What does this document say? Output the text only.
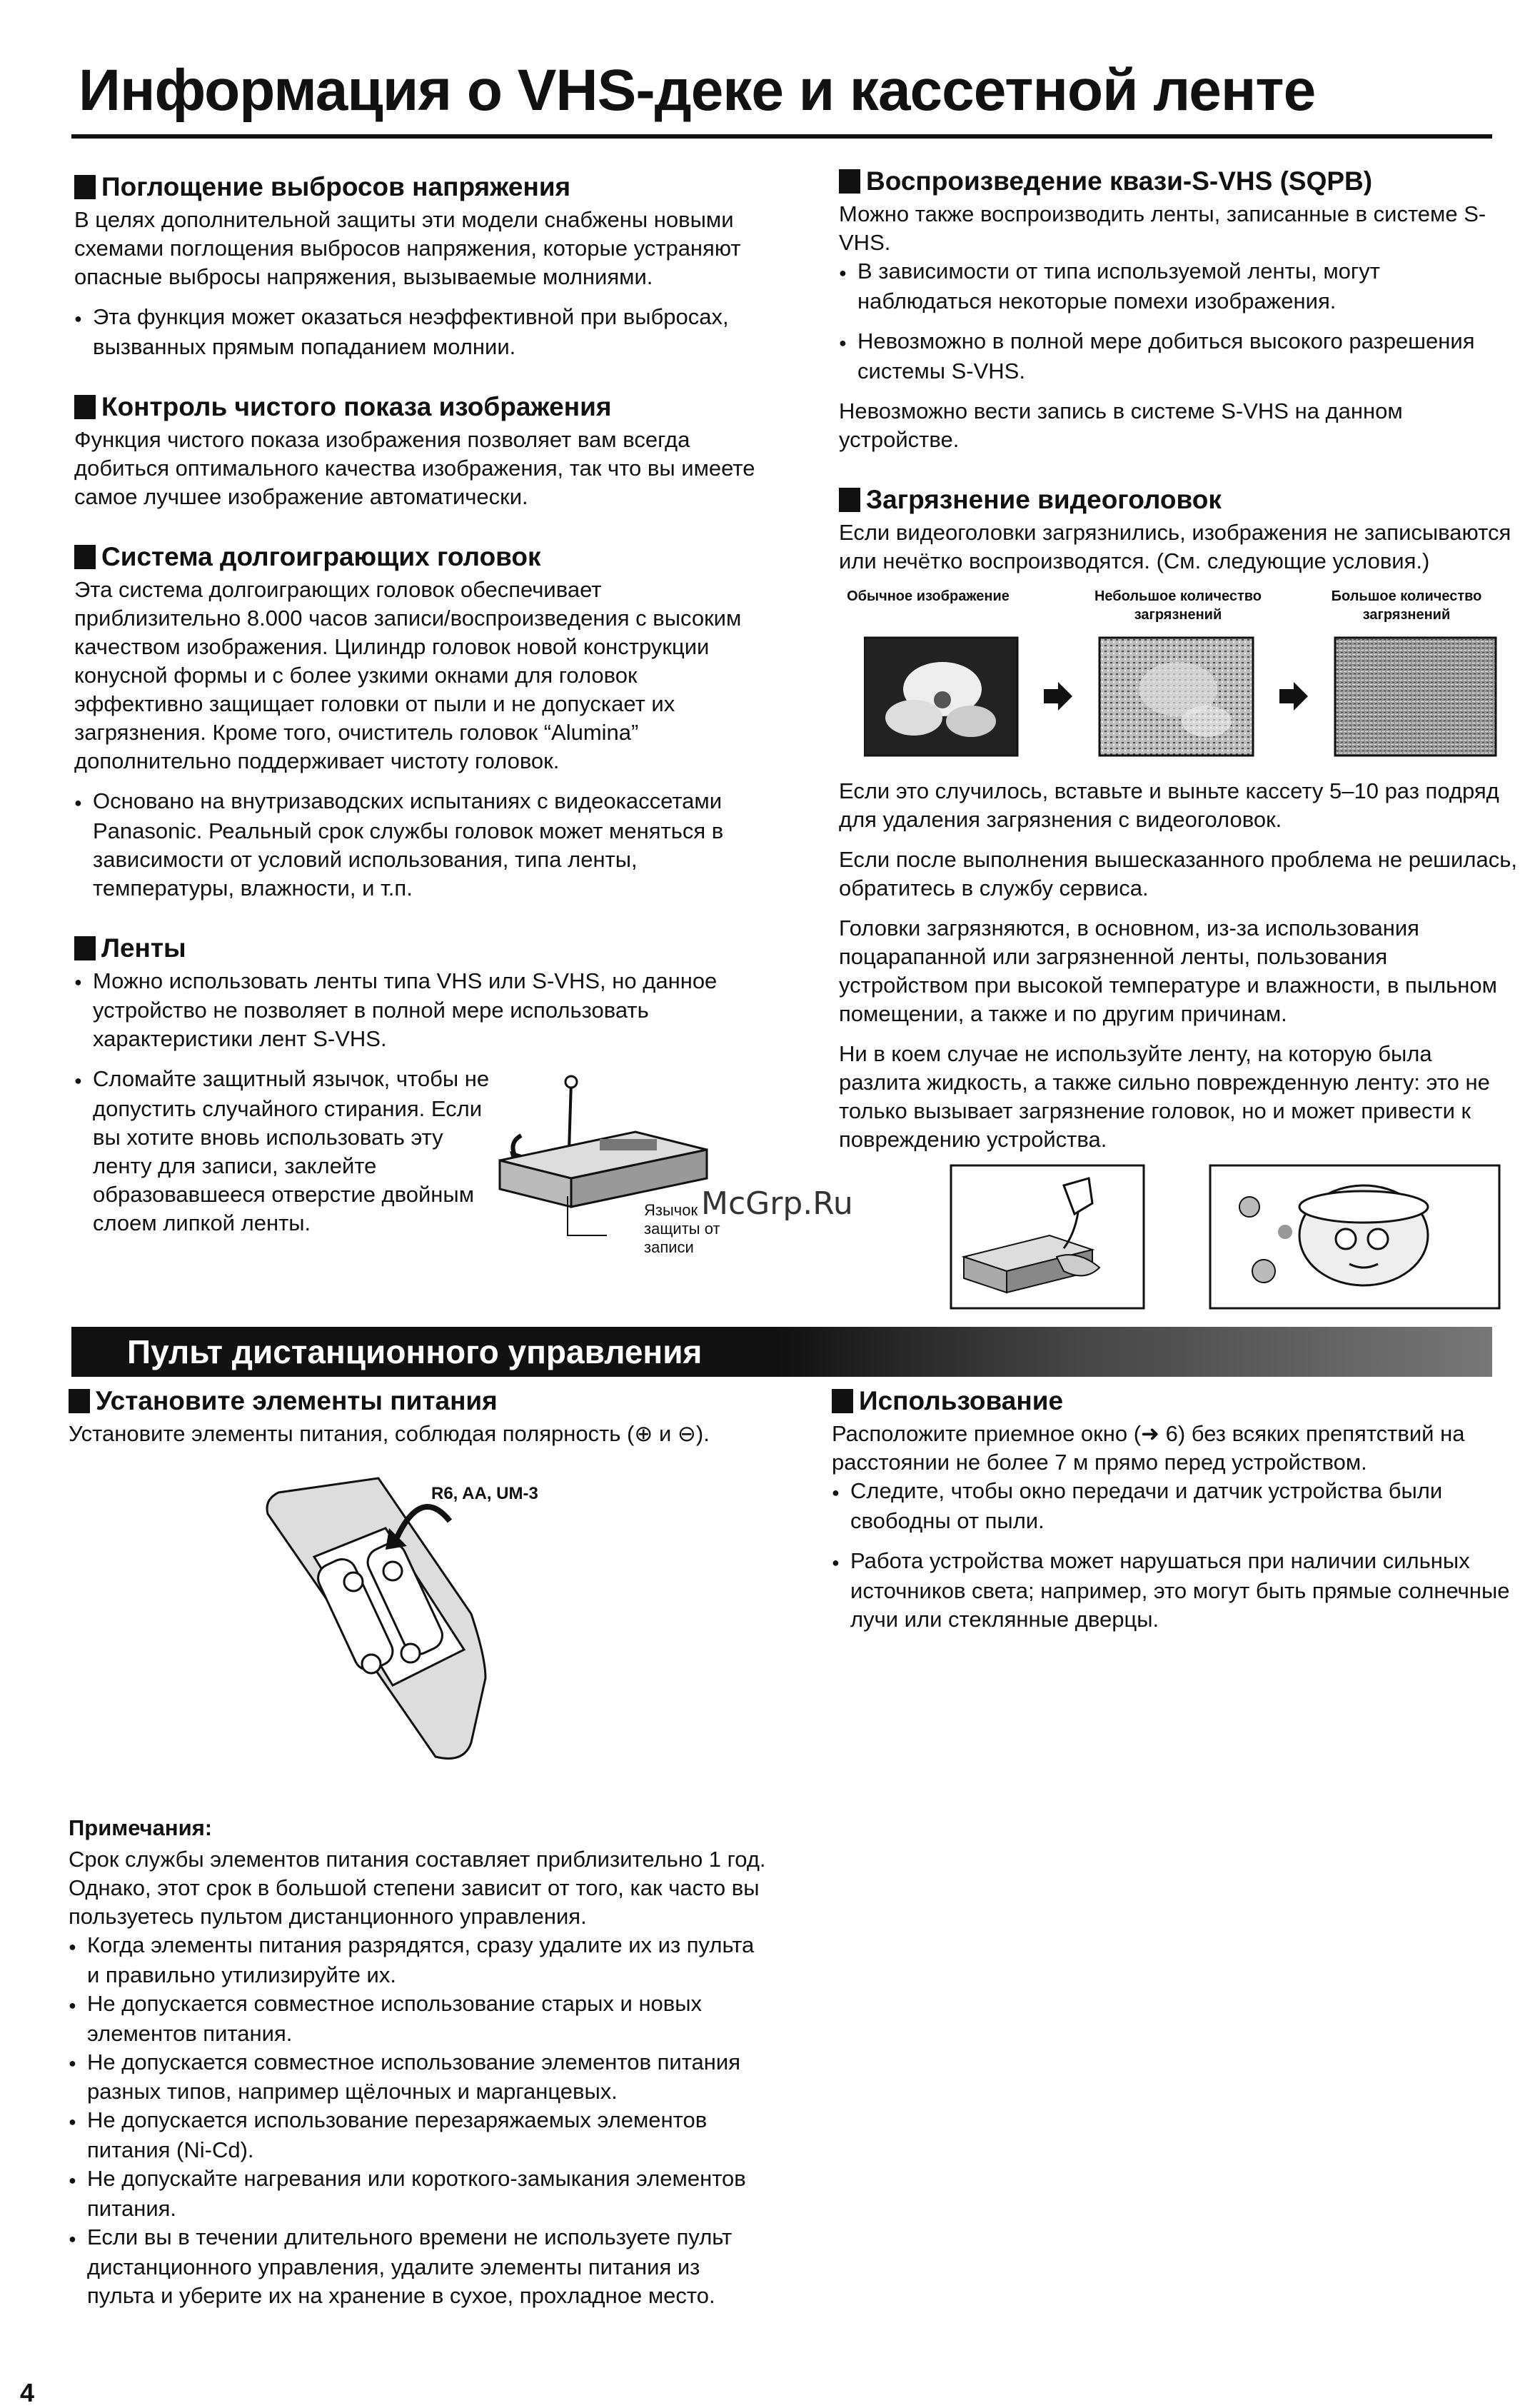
Информация о VHS-деке и кассетной ленте
Поглощение выбросов напряжения

В целях дополнительной защиты эти модели снабжены новыми схемами поглощения выбросов напряжения, которые устраняют опасные выбросы напряжения, вызываемые молниями.

● Эта функция может оказаться неэффективной при выбросах, вызванных прямым попаданием молнии.

Контроль чистого показа изображения

Функция чистого показа изображения позволяет вам всегда добиться оптимального качества изображения, так что вы имеете самое лучшее изображение автоматически.

Система долгоиграющих головок

Эта система долгоиграющих головок обеспечивает приблизительно 8.000 часов записи/воспроизведения с высоким качеством изображения. Цилиндр головок новой конструкции конусной формы и с более узкими окнами для головок эффективно защищает головки от пыли и не допускает их загрязнения. Кроме того, очиститель головок “Alumina” дополнительно поддерживает чистоту головок.

● Основано на внутризаводских испытаниях с видеокассетами Panasonic. Реальный срок службы головок может меняться в зависимости от условий использования, типа ленты, температуры, влажности, и т.п.

Ленты

● Можно использовать ленты типа VHS или S-VHS, но данное устройство не позволяет в полной мере использовать характеристики лент S-VHS.

● Сломайте защитный язычок, чтобы не допустить случайного стирания. Если вы хотите вновь использовать эту ленту для записи, заклейте образовавшееся отверстие двойным слоем липкой ленты.

Язычок защиты от записи
Воспроизведение квази-S-VHS (SQPB)

Можно также воспроизводить ленты, записанные в системе S-VHS.

● В зависимости от типа используемой ленты, могут наблюдаться некоторые помехи изображения.

● Невозможно в полной мере добиться высокого разрешения системы S-VHS.

Невозможно вести запись в системе S-VHS на данном устройстве.

Загрязнение видеоголовок

Если видеоголовки загрязнились, изображения не записываются или нечётко воспроизводятся. (См. следующие условия.)

Обычное изображение	Небольшое количество загрязнений
Большое количество загрязнений

Если это случилось, вставьте и выньте кассету 5–10 раз подряд для удаления загрязнения с видеоголовок.

Если после выполнения вышесказанного проблема не решилась, обратитесь в службу сервиса.

Головки загрязняются, в основном, из-за использования поцарапанной или загрязненной ленты, пользования устройством при высокой температуре и влажности, в пыльном помещении, а также и по другим причинам.

Ни в коем случае не используйте ленту, на которую была разлита жидкость, а также сильно поврежденную ленту: это не только вызывает загрязнение головок, но и может привести к повреждению устройства.

McGrp.Ru
Пульт дистанционного управления
Установите элементы питания

Установите элементы питания, соблюдая полярность (⊕ и ⊖).

R6, AA, UM-3
Использование

Расположите приемное окно (➜ 6) без всяких препятствий на расстоянии не более 7 м прямо перед устройством.

● Следите, чтобы окно передачи и датчик устройства были свободны от пыли.

● Работа устройства может нарушаться при наличии сильных источников света; например, это могут быть прямые солнечные лучи или стеклянные дверцы.

Примечания:

Срок службы элементов питания составляет приблизительно 1 год. Однако, этот срок в большой степени зависит от того, как часто вы пользуетесь пультом дистанционного управления.

● Когда элементы питания разрядятся, сразу удалите их из пульта и правильно утилизируйте их.

● Не допускается совместное использование старых и новых элементов питания.

● Не допускается совместное использование элементов питания разных типов, например щёлочных и марганцевых.

● Не допускается использование перезаряжаемых элементов питания (Ni-Cd).

● Не допускайте нагревания или короткого-замыкания элементов питания.

● Если вы в течении длительного времени не используете пульт дистанционного управления, удалите элементы питания из пульта и уберите их на хранение в сухое, прохладное место.

4
